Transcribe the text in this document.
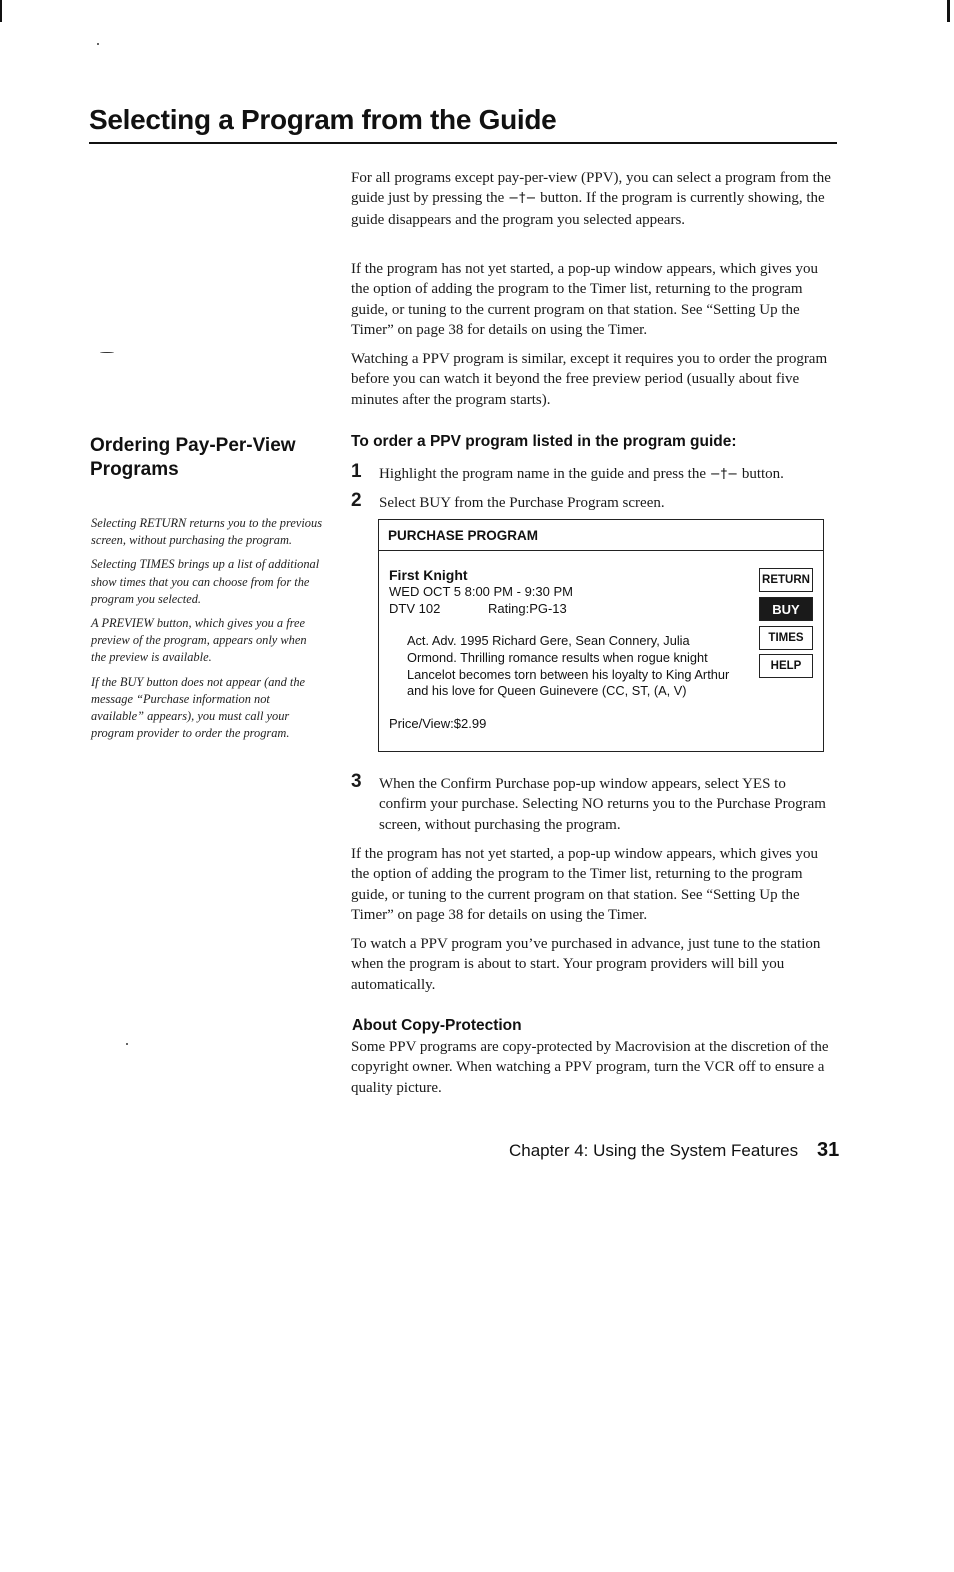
Selecting a Program from the Guide

For all programs except pay-per-view (PPV), you can select a program from the guide just by pressing the −†− button. If the program is currently showing, the guide disappears and the program you selected appears.

If the program has not yet started, a pop-up window appears, which gives you the option of adding the program to the Timer list, returning to the program guide, or tuning to the current program on that station. See “Setting Up the Timer” on page 38 for details on using the Timer.

Watching a PPV program is similar, except it requires you to order the program before you can watch it beyond the free preview period (usually about five minutes after the program starts).

Ordering Pay-Per-View Programs

Selecting RETURN returns you to the previous screen, without purchasing the program.

Selecting TIMES brings up a list of additional show times that you can choose from for the program you selected.

A PREVIEW button, which gives you a free preview of the program, appears only when the preview is available.

If the BUY button does not appear (and the message “Purchase information not available” appears), you must call your program provider to order the program.

To order a PPV program listed in the program guide:
1 Highlight the program name in the guide and press the −†− button.
2 Select BUY from the Purchase Program screen.
PURCHASE PROGRAM
First Knight
WED OCT 5 8:00 PM - 9:30 PM
DTV 102	Rating:PG-13
Act. Adv. 1995 Richard Gere, Sean Connery, Julia Ormond. Thrilling romance results when rogue knight Lancelot becomes torn between his loyalty to King Arthur and his love for Queen Guinevere (CC, ST, (A, V)
Price/View:$2.99
RETURN
BUY
TIMES
HELP
3 When the Confirm Purchase pop-up window appears, select YES to confirm your purchase. Selecting NO returns you to the Purchase Program screen, without purchasing the program.

If the program has not yet started, a pop-up window appears, which gives you the option of adding the program to the Timer list, returning to the program guide, or tuning to the current program on that station. See “Setting Up the Timer” on page 38 for details on using the Timer.

To watch a PPV program you’ve purchased in advance, just tune to the station when the program is about to start. Your program providers will bill you automatically.

About Copy-Protection

Some PPV programs are copy-protected by Macrovision at the discretion of the copyright owner. When watching a PPV program, turn the VCR off to ensure a quality picture.

Chapter 4: Using the System Features 31
